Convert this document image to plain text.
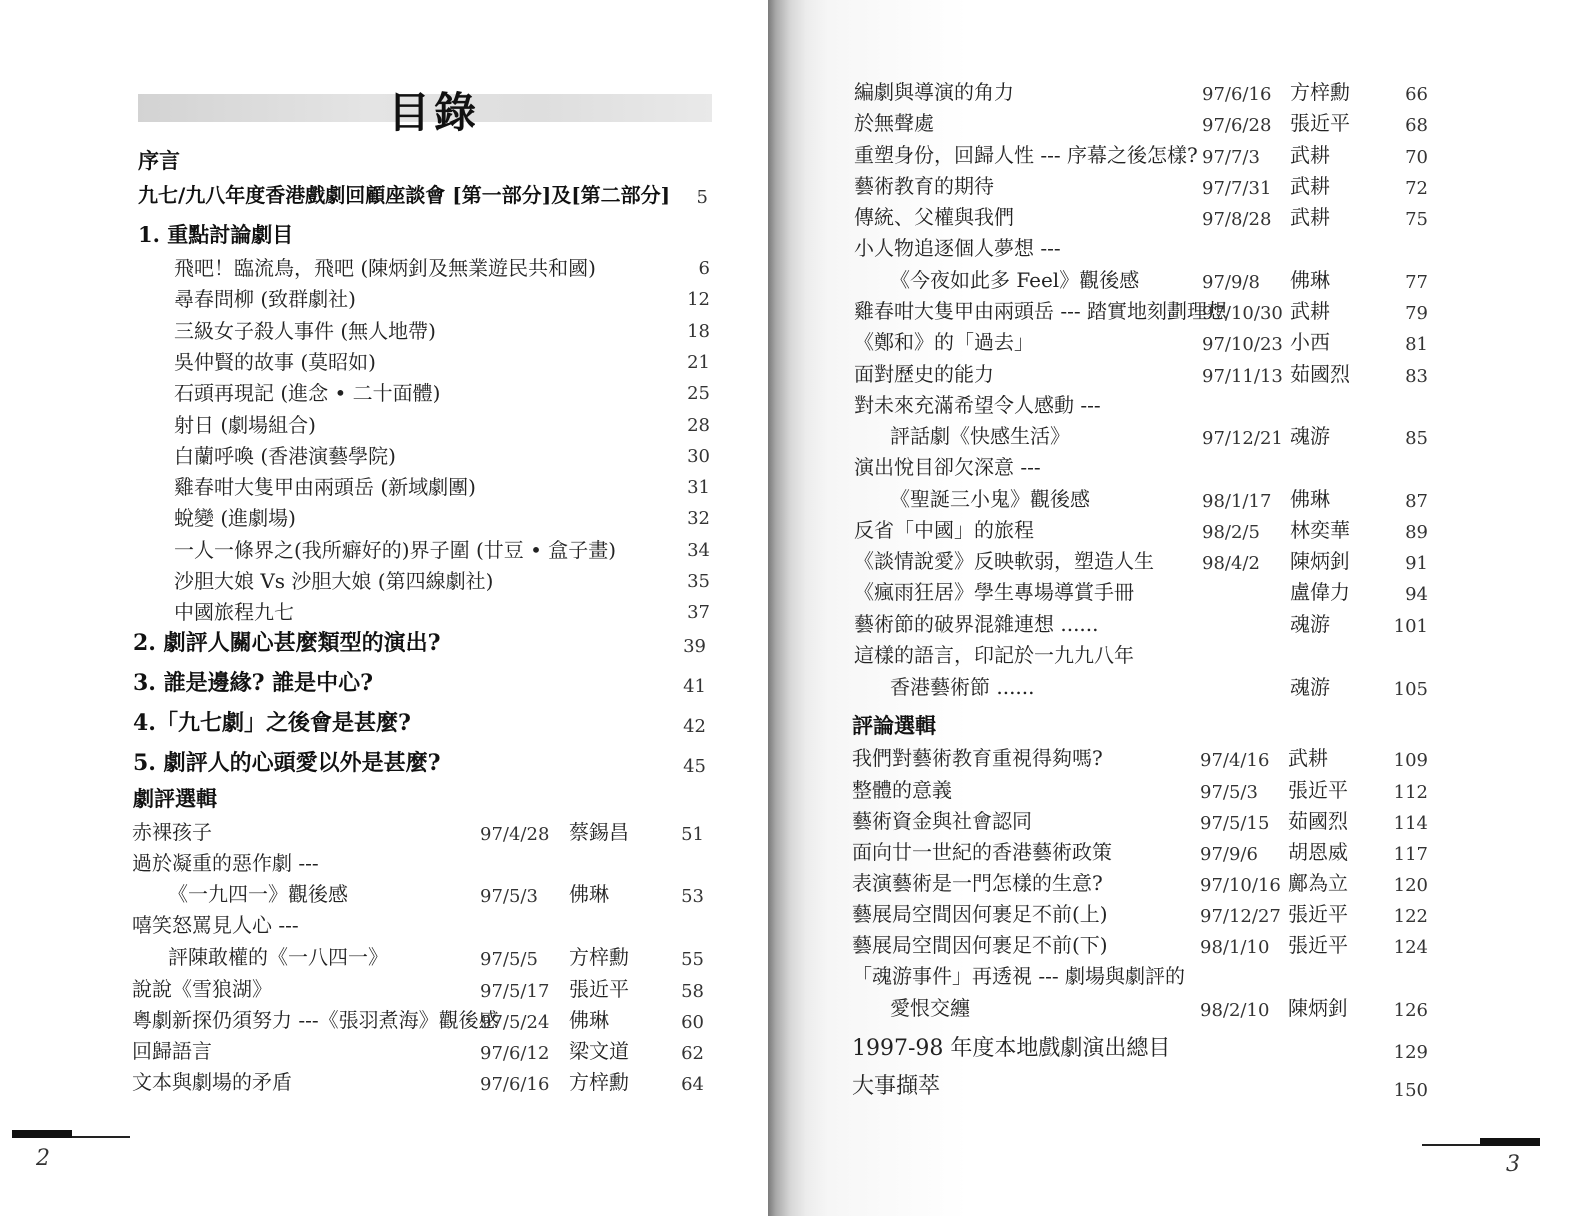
目錄
序言
九七/九八年度香港戲劇回顧座談會 [第一部分]及[第二部分]	5
1. 重點討論劇目
飛吧！臨流鳥，飛吧 (陳炳釗及無業遊民共和國)	6
尋春問柳 (致群劇社)	12
三級女子殺人事件 (無人地帶)	18
吳仲賢的故事 (莫昭如)	21
石頭再現記 (進念 • 二十面體)	25
射日 (劇場組合)	28
白蘭呼喚 (香港演藝學院)	30
雞春咁大隻甲由兩頭岳 (新域劇團)	31
蛻變 (進劇場)	32
一人一條界之(我所癖好的)界子圍 (廿豆 • 盒子畫)	34
沙胆大娘 Vs 沙胆大娘 (第四線劇社)	35
中國旅程九七	37
2. 劇評人關心甚麼類型的演出?	39
3. 誰是邊緣? 誰是中心?	41
4.「九七劇」之後會是甚麼?	42
5. 劇評人的心頭愛以外是甚麼?	45
劇評選輯
赤裸孩子	97/4/28 蔡錫昌	51
過於凝重的惡作劇 ---
《一九四一》觀後感	97/5/3 佛琳	53
嘻笑怒罵見人心 ---
評陳敢權的《一八四一》	97/5/5 方梓勳	55
說說《雪狼湖》	97/5/17 張近平	58
粵劇新探仍須努力 ---《張羽煮海》觀後感
97/5/24 佛琳	60
回歸語言	97/6/12 梁文道	62
文本與劇場的矛盾	97/6/16 方梓勳	64
2
編劇與導演的角力	97/6/16 方梓勳	66
於無聲處	97/6/28 張近平	68
重塑身份，回歸人性 --- 序幕之後怎樣? 97/7/3 武耕	70
藝術教育的期待	97/7/31 武耕	72
傳統、父權與我們	97/8/28 武耕	75
小人物追逐個人夢想 ---
《今夜如此多 Feel》觀後感	97/9/8 佛琳	77
雞春咁大隻甲由兩頭岳 --- 踏實地刻劃理想
97/10/30 武耕	79
《鄭和》的「過去」	97/10/23 小西	81
面對歷史的能力	97/11/13 茹國烈	83
對未來充滿希望令人感動 ---
評話劇《快感生活》	97/12/21 魂游	85
演出悅目卻欠深意 ---
《聖誕三小鬼》觀後感	98/1/17 佛琳	87
反省「中國」的旅程	98/2/5 林奕華	89
《談情說愛》反映軟弱，塑造人生	98/4/2 陳炳釗	91
《瘋雨狂居》學生專場導賞手冊	盧偉力	94
藝術節的破界混雜連想 ......	魂游	101
這樣的語言，印記於一九九八年
香港藝術節 ......	魂游	105
評論選輯
我們對藝術教育重視得夠嗎?	97/4/16 武耕	109
整體的意義	97/5/3 張近平	112
藝術資金與社會認同	97/5/15 茹國烈	114
面向廿一世紀的香港藝術政策	97/9/6 胡恩威	117
表演藝術是一門怎樣的生意?	97/10/16 鄺為立	120
藝展局空間因何裹足不前(上)	97/12/27 張近平	122
藝展局空間因何裹足不前(下)	98/1/10 張近平	124
「魂游事件」再透視 --- 劇場與劇評的
愛恨交纏	98/2/10 陳炳釗	126
1997-98 年度本地戲劇演出總目	129
大事擷萃	150
3
